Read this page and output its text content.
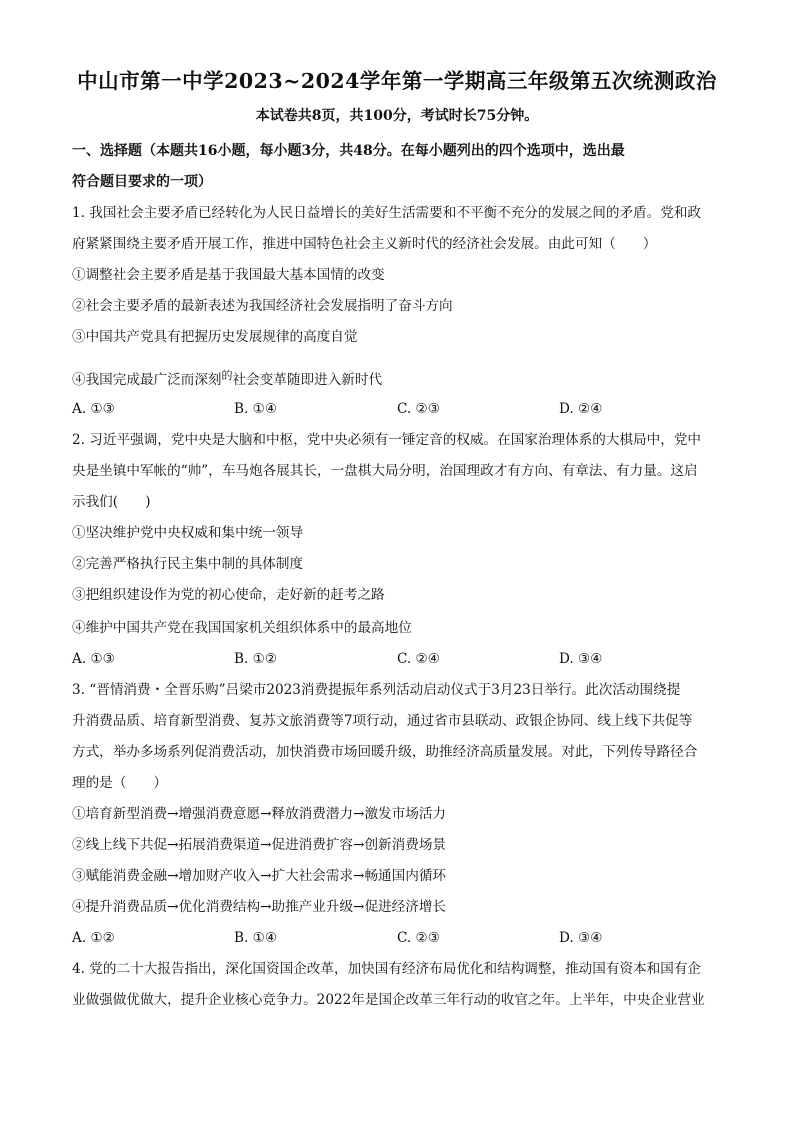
中山市第一中学2023~2024学年第一学期高三年级第五次统测政治
本试卷共8页，共100分，考试时长75分钟。
一、选择题（本题共16小题，每小题3分，共48分。在每小题列出的四个选项中，选出最
符合题目要求的一项）
1. 我国社会主要矛盾已经转化为人民日益增长的美好生活需要和不平衡不充分的发展之间的矛盾。党和政
府紧紧围绕主要矛盾开展工作，推进中国特色社会主义新时代的经济社会发展。由此可知（　　）
①调整社会主要矛盾是基于我国最大基本国情的改变
②社会主要矛盾的最新表述为我国经济社会发展指明了奋斗方向
③中国共产党具有把握历史发展规律的高度自觉
④我国完成最广泛而深刻$^的$社会变革随即进入新时代
A. ①③	B. ①④	C. ②③	D. ②④
2. 习近平强调，党中央是大脑和中枢，党中央必须有一锤定音的权威。在国家治理体系的大棋局中，党中
央是坐镇中军帐的“帅”，车马炮各展其长，一盘棋大局分明，治国理政才有方向、有章法、有力量。这启
示我们(　　)
①坚决维护党中央权威和集中统一领导
②完善严格执行民主集中制的具体制度
③把组织建设作为党的初心使命，走好新的赶考之路
④维护中国共产党在我国国家机关组织体系中的最高地位
A. ①③	B. ①②	C. ②④	D. ③④
3. “晋情消费・全晋乐购”吕梁市2023消费提振年系列活动启动仪式于3月23日举行。此次活动围绕提
升消费品质、培育新型消费、复苏文旅消费等7项行动，通过省市县联动、政银企协同、线上线下共促等
方式，举办多场系列促消费活动，加快消费市场回暖升级，助推经济高质量发展。对此，下列传导路径合
理的是（　　）
①培育新型消费→增强消费意愿→释放消费潜力→激发市场活力
②线上线下共促→拓展消费渠道→促进消费扩容→创新消费场景
③赋能消费金融→增加财产收入→扩大社会需求→畅通国内循环
④提升消费品质→优化消费结构→助推产业升级→促进经济增长
A. ①②	B. ①④	C. ②③	D. ③④
4. 党的二十大报告指出，深化国资国企改革，加快国有经济布局优化和结构调整，推动国有资本和国有企
业做强做优做大，提升企业核心竞争力。2022年是国企改革三年行动的收官之年。上半年，中央企业营业
